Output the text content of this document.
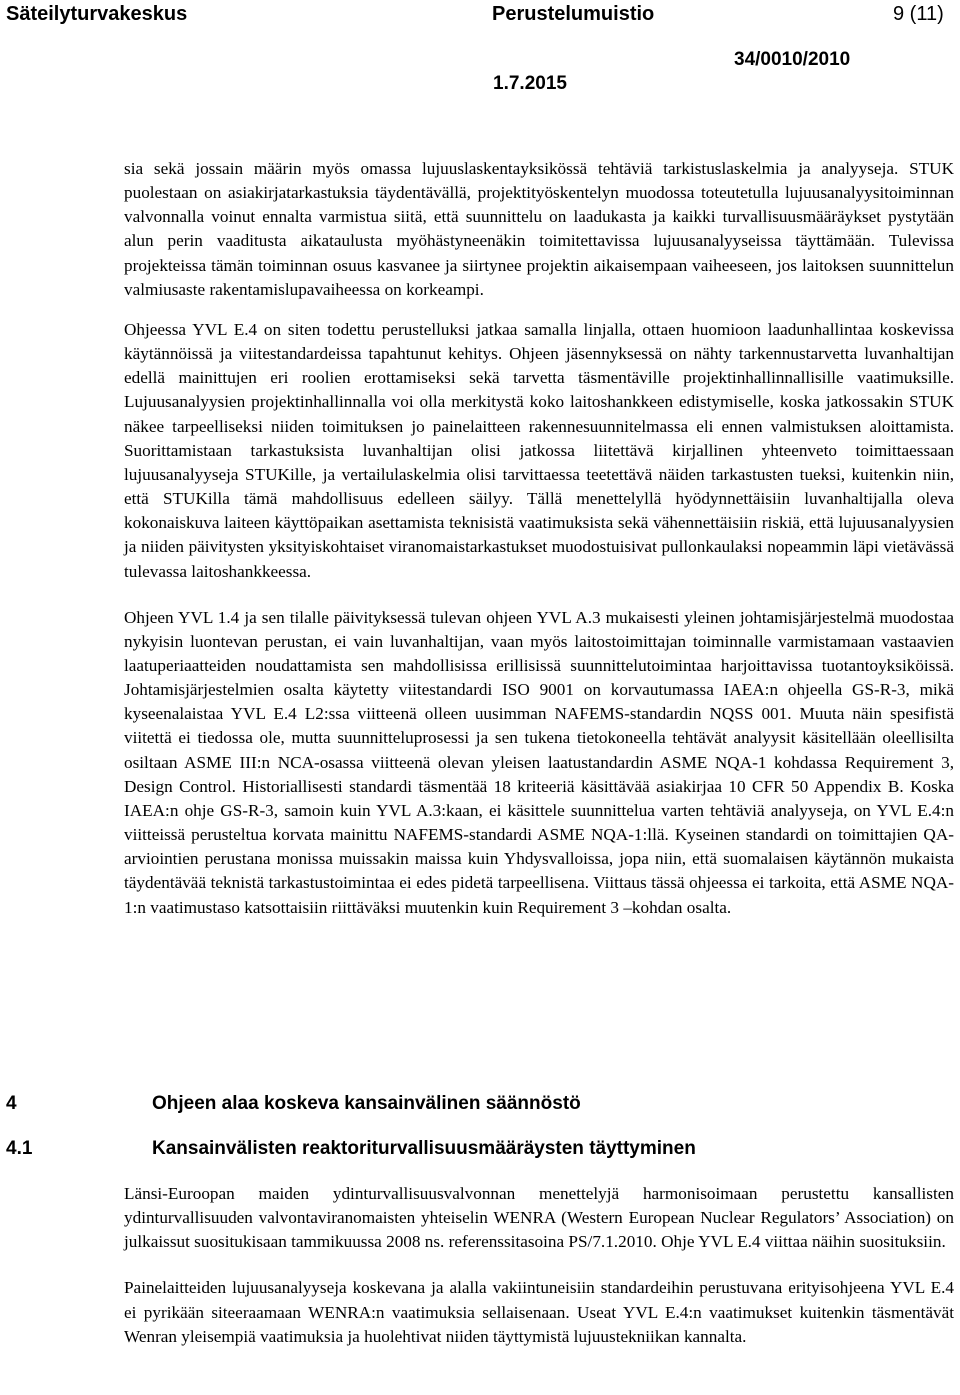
Säteilyturvakeskus	Perustelumuistio	9 (11)
34/0010/2010
1.7.2015

sia sekä jossain määrin myös omassa lujuuslaskentayksikössä tehtäviä tarkistuslaskelmia ja analyyseja. STUK puolestaan on asiakirjatarkastuksia täydentävällä, projektityöskentelyn muodossa toteutetulla lujuusanalyysitoiminnan valvonnalla voinut ennalta varmistua siitä, että suunnittelu on laadukasta ja kaikki turvallisuusmääräykset pystytään alun perin vaaditusta aikataulusta myöhästyneenäkin toimitettavissa lujuusanalyyseissa täyttämään. Tulevissa projekteissa tämän toiminnan osuus kasvanee ja siirtynee projektin aikaisempaan vaiheeseen, jos laitoksen suunnittelun valmiusaste rakentamislupavaiheessa on korkeampi.

Ohjeessa YVL E.4 on siten todettu perustelluksi jatkaa samalla linjalla, ottaen huomioon laadunhallintaa koskevissa käytännöissä ja viitestandardeissa tapahtunut kehitys. Ohjeen jäsennyksessä on nähty tarkennustarvetta luvanhaltijan edellä mainittujen eri roolien erottamiseksi sekä tarvetta täsmentäville projektinhallinnallisille vaatimuksille. Lujuusanalyysien projektinhallinnalla voi olla merkitystä koko laitoshankkeen edistymiselle, koska jatkossakin STUK näkee tarpeelliseksi niiden toimituksen jo painelaitteen rakennesuunnitelmassa eli ennen valmistuksen aloittamista. Suorittamistaan tarkastuksista luvanhaltijan olisi jatkossa liitettävä kirjallinen yhteenveto toimittaessaan lujuusanalyyseja STUKille, ja vertailulaskelmia olisi tarvittaessa teetettävä näiden tarkastusten tueksi, kuitenkin niin, että STUKilla tämä mahdollisuus edelleen säilyy. Tällä menettelyllä hyödynnettäisiin luvanhaltijalla oleva kokonaiskuva laiteen käyttöpaikan asettamista teknisistä vaatimuksista sekä vähennettäisiin riskiä, että lujuusanalyysien ja niiden päivitysten yksityiskohtaiset viranomaistarkastukset muodostuisivat pullonkaulaksi nopeammin läpi vietävässä tulevassa laitoshankkeessa.

Ohjeen YVL 1.4 ja sen tilalle päivityksessä tulevan ohjeen YVL A.3 mukaisesti yleinen johtamisjärjestelmä muodostaa nykyisin luontevan perustan, ei vain luvanhaltijan, vaan myös laitostoimittajan toiminnalle varmistamaan vastaavien laatuperiaatteiden noudattamista sen mahdollisissa erillisissä suunnittelutoimintaa harjoittavissa tuotantoyksiköissä. Johtamisjärjestelmien osalta käytetty viitestandardi ISO 9001 on korvautumassa IAEA:n ohjeella GS-R-3, mikä kyseenalaistaa YVL E.4 L2:ssa viitteenä olleen uusimman NAFEMS-standardin NQSS 001. Muuta näin spesifistä viitettä ei tiedossa ole, mutta suunnitteluprosessi ja sen tukena tietokoneella tehtävät analyysit käsitellään oleellisilta osiltaan ASME III:n NCA-osassa viitteenä olevan yleisen laatustandardin ASME NQA-1 kohdassa Requirement 3, Design Control. Historiallisesti standardi täsmentää 18 kriteeriä käsittävää asiakirjaa 10 CFR 50 Appendix B. Koska IAEA:n ohje GS-R-3, samoin kuin YVL A.3:kaan, ei käsittele suunnittelua varten tehtäviä analyyseja, on YVL E.4:n viitteissä perusteltua korvata mainittu NAFEMS-standardi ASME NQA-1:llä. Kyseinen standardi on toimittajien QA-arviointien perustana monissa muissakin maissa kuin Yhdysvalloissa, jopa niin, että suomalaisen käytännön mukaista täydentävää teknistä tarkastustoimintaa ei edes pidetä tarpeellisena. Viittaus tässä ohjeessa ei tarkoita, että ASME NQA-1:n vaatimustaso katsottaisiin riittäväksi muutenkin kuin Requirement 3 –kohdan osalta.

4	Ohjeen alaa koskeva kansainvälinen säännöstö
4.1	Kansainvälisten reaktoriturvallisuusmääräysten täyttyminen

Länsi-Euroopan maiden ydinturvallisuusvalvonnan menettelyjä harmonisoimaan perustettu kansallisten ydinturvallisuuden valvontaviranomaisten yhteiselin WENRA (Western European Nuclear Regulators’ Association) on julkaissut suositukisaan tammikuussa 2008 ns. referenssitasoina PS/7.1.2010. Ohje YVL E.4 viittaa näihin suosituksiin.

Painelaitteiden lujuusanalyyseja koskevana ja alalla vakiintuneisiin standardeihin perustuvana erityisohjeena YVL E.4 ei pyrikään siteeraamaan WENRA:n vaatimuksia sellaisenaan. Useat YVL E.4:n vaatimukset kuitenkin täsmentävät Wenran yleisempiä vaatimuksia ja huolehtivat niiden täyttymistä lujuustekniikan kannalta.
